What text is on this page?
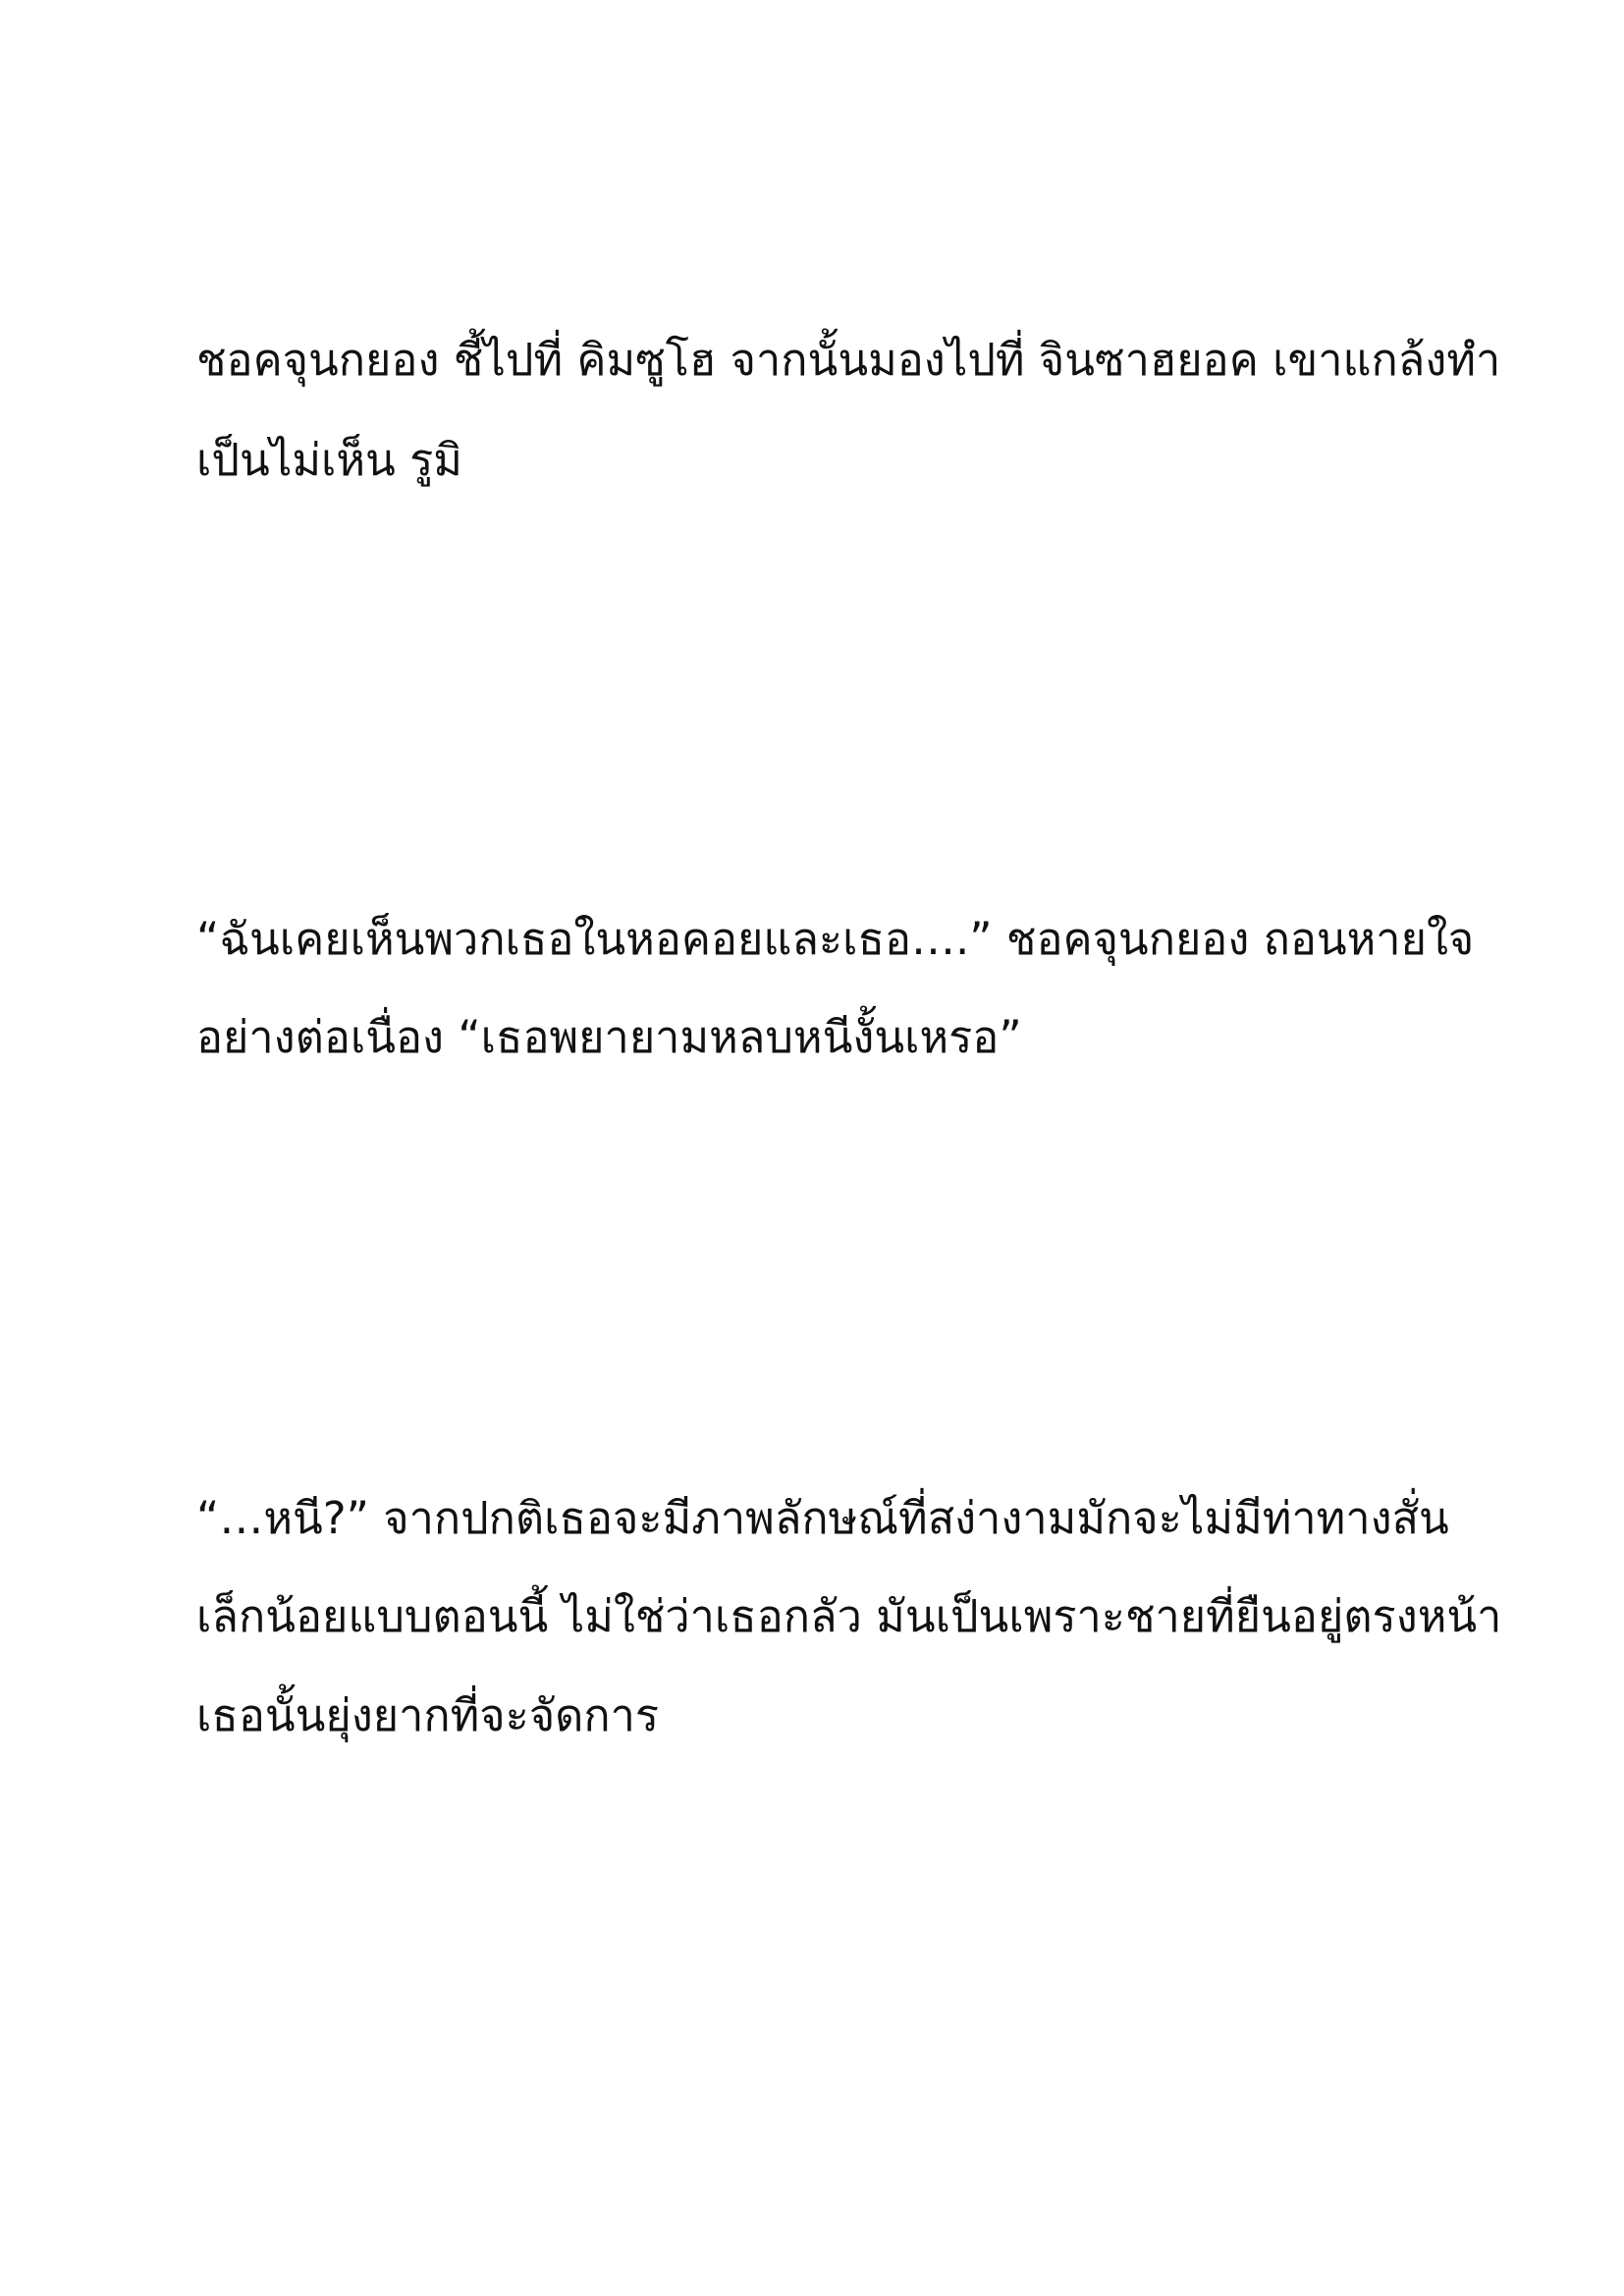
ชอคจุนกยอง ชี้ไปที่ คิมซูโฮ จากนั้นมองไปที่ จินซาฮยอค เขาแกล้งทำ

เป็นไม่เห็น รูมิ

“ฉันเคยเห็นพวกเธอในหอคอยและเธอ….” ชอคจุนกยอง ถอนหายใจ

อย่างต่อเนื่อง “เธอพยายามหลบหนีงั้นเหรอ”

“…หนี?” จากปกติเธอจะมีภาพลักษณ์ที่สง่างามมักจะไม่มีท่าทางสั่น

เล็กน้อยแบบตอนนี้ ไม่ใช่ว่าเธอกลัว มันเป็นเพราะชายที่ยืนอยู่ตรงหน้า

เธอนั้นยุ่งยากที่จะจัดการ
